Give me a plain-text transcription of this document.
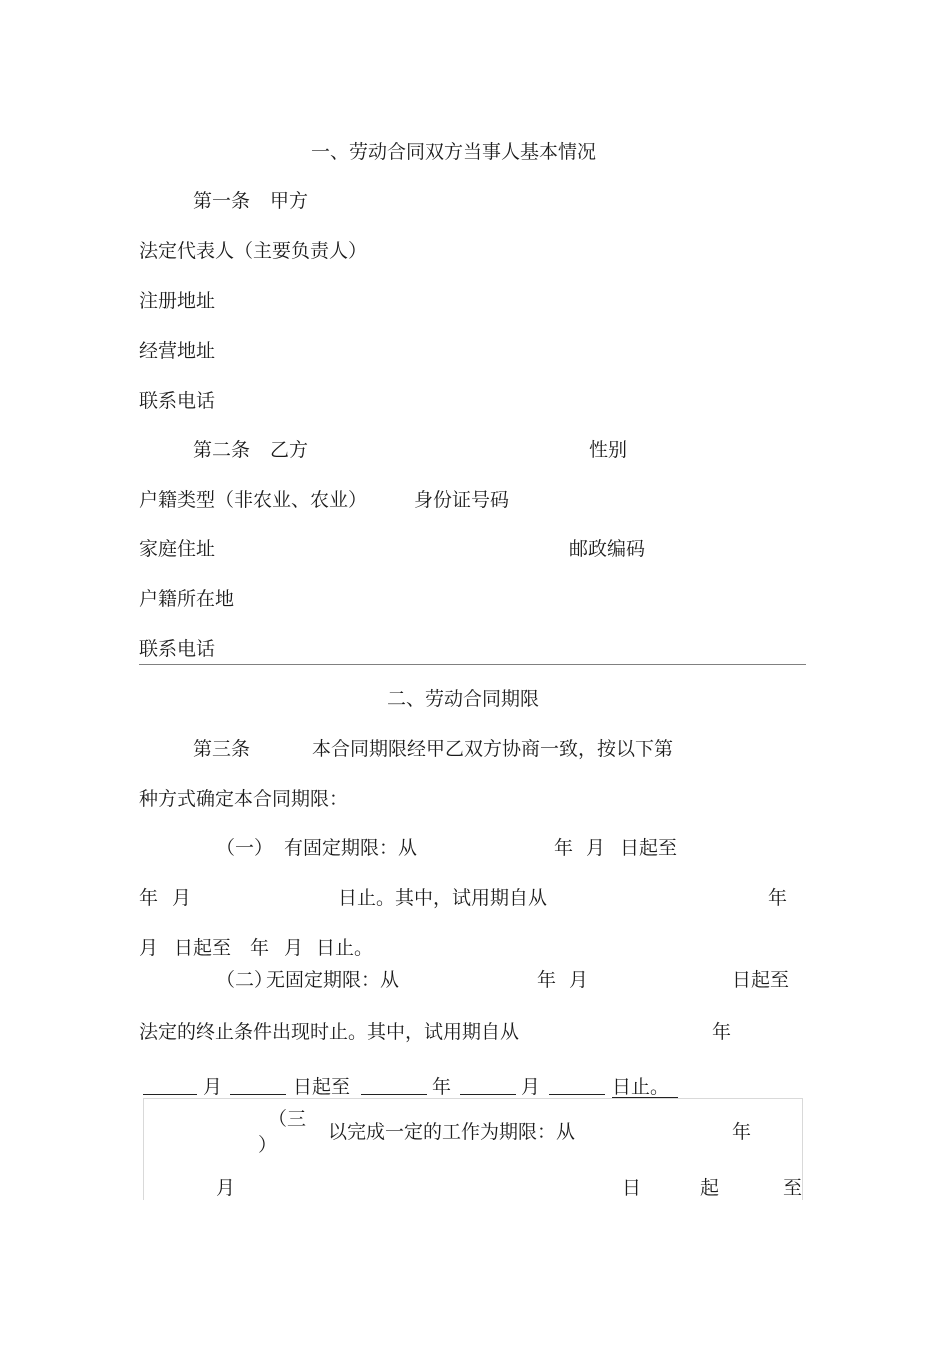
一、劳动合同双方当事人基本情况
第一条 甲方
法定代表人（主要负责人）
注册地址
经营地址
联系电话
第二条 乙方	性别
户籍类型（非农业、农业） 身份证号码
家庭住址	邮政编码
户籍所在地
联系电话
二、劳动合同期限
第三条	本合同期限经甲乙双方协商一致，按以下第
种方式确定本合同期限：
（一） 有固定期限：从	年 月 日起至
年 月	日止。其中，试用期自从	年
月 日起至 年 月 日止。
（二）
无固定期限：从	年 月	日起至
法定的终止条件出现时止。其中，试用期自从	年
月	日起至	年	月	日止。
（三
）
以完成一定的工作为期限：从	年
月	日	起	至
